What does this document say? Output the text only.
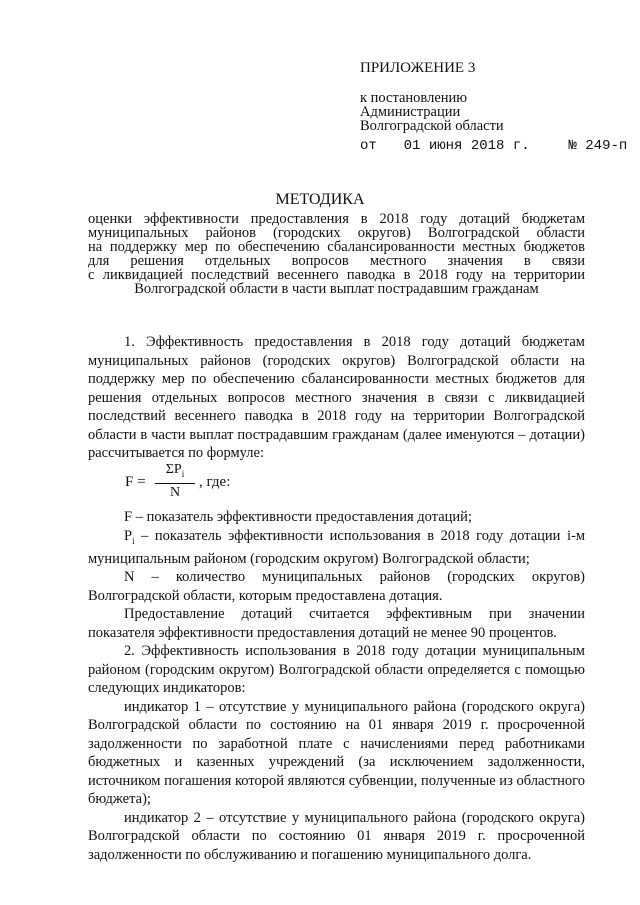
ПРИЛОЖЕНИЕ 3
к постановлению
Администрации
Волгоградской области
от 01 июня 2018 г.	№ 249-п
МЕТОДИКА
оценки эффективности предоставления в 2018 году дотаций бюджетам
муниципальных районов (городских округов) Волгоградской области
на поддержку мер по обеспечению сбалансированности местных бюджетов
для решения отдельных вопросов местного значения в связи
с ликвидацией последствий весеннего паводка в 2018 году на территории
Волгоградской области в части выплат пострадавшим гражданам

1. Эффективность предоставления в 2018 году дотаций бюджетам муниципальных районов (городских округов) Волгоградской области на поддержку мер по обеспечению сбалансированности местных бюджетов для решения отдельных вопросов местного значения в связи с ликвидацией последствий весеннего паводка в 2018 году на территории Волгоградской области в части выплат пострадавшим гражданам (далее именуются – дотации) рассчитывается по формуле:

F =
$\Sigma P_i$
N
, где:

F – показатель эффективности предоставления дотаций;

$P_i$ – показатель эффективности использования в 2018 году дотации i-м муниципальным районом (городским округом) Волгоградской области;

N – количество муниципальных районов (городских округов) Волгоградской области, которым предоставлена дотация.

Предоставление дотаций считается эффективным при значении показателя эффективности предоставления дотаций не менее 90 процентов.

2. Эффективность использования в 2018 году дотации муниципальным районом (городским округом) Волгоградской области определяется с помощью следующих индикаторов:

индикатор 1 – отсутствие у муниципального района (городского округа) Волгоградской области по состоянию на 01 января 2019 г. просроченной задолженности по заработной плате с начислениями перед работниками бюджетных и казенных учреждений (за исключением задолженности, источником погашения которой являются субвенции, полученные из областного бюджета);

индикатор 2 – отсутствие у муниципального района (городского округа) Волгоградской области по состоянию 01 января 2019 г. просроченной задолженности по обслуживанию и погашению муниципального долга.
